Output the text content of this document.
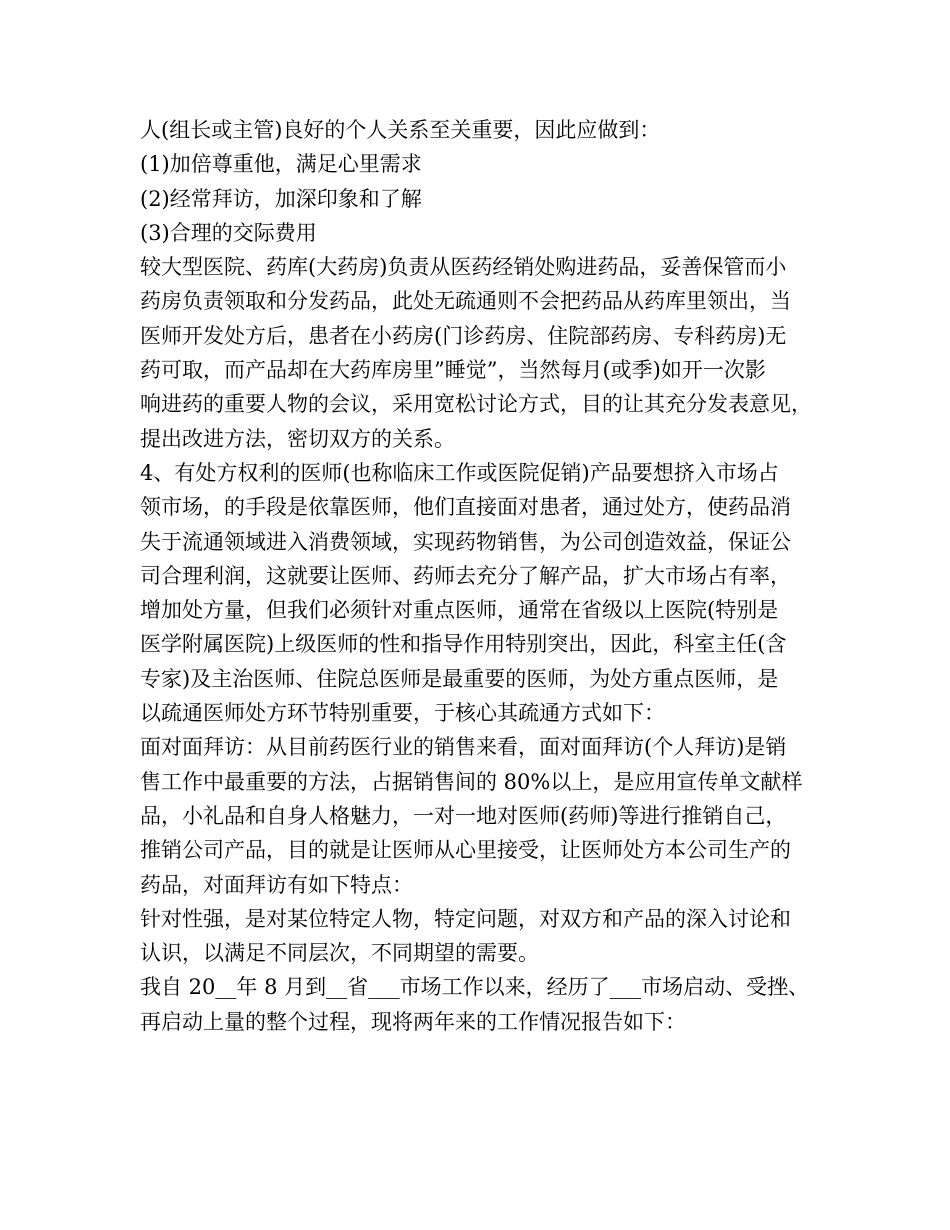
人(组长或主管)良好的个人关系至关重要，因此应做到：
(1)加倍尊重他，满足心里需求
(2)经常拜访，加深印象和了解
(3)合理的交际费用
较大型医院、药库(大药房)负责从医药经销处购进药品，妥善保管而小
药房负责领取和分发药品，此处无疏通则不会把药品从药库里领出，当
医师开发处方后，患者在小药房(门诊药房、住院部药房、专科药房)无
药可取，而产品却在大药库房里”睡觉”，当然每月(或季)如开一次影
响进药的重要人物的会议，采用宽松讨论方式，目的让其充分发表意见，
提出改进方法，密切双方的关系。
4、有处方权利的医师(也称临床工作或医院促销)产品要想挤入市场占
领市场，的手段是依靠医师，他们直接面对患者，通过处方，使药品消
失于流通领域进入消费领域，实现药物销售，为公司创造效益，保证公
司合理利润，这就要让医师、药师去充分了解产品，扩大市场占有率，
增加处方量，但我们必须针对重点医师，通常在省级以上医院(特别是
医学附属医院)上级医师的性和指导作用特别突出，因此，科室主任(含
专家)及主治医师、住院总医师是最重要的医师，为处方重点医师，是
以疏通医师处方环节特别重要，于核心其疏通方式如下：
面对面拜访：从目前药医行业的销售来看，面对面拜访(个人拜访)是销
售工作中最重要的方法，占据销售间的 80%以上，是应用宣传单文献样
品，小礼品和自身人格魅力，一对一地对医师(药师)等进行推销自己，
推销公司产品，目的就是让医师从心里接受，让医师处方本公司生产的
药品，对面拜访有如下特点：
针对性强，是对某位特定人物，特定问题，对双方和产品的深入讨论和
认识，以满足不同层次，不同期望的需要。
我自 20__年 8 月到__省___市场工作以来，经历了___市场启动、受挫、
再启动上量的整个过程，现将两年来的工作情况报告如下：
